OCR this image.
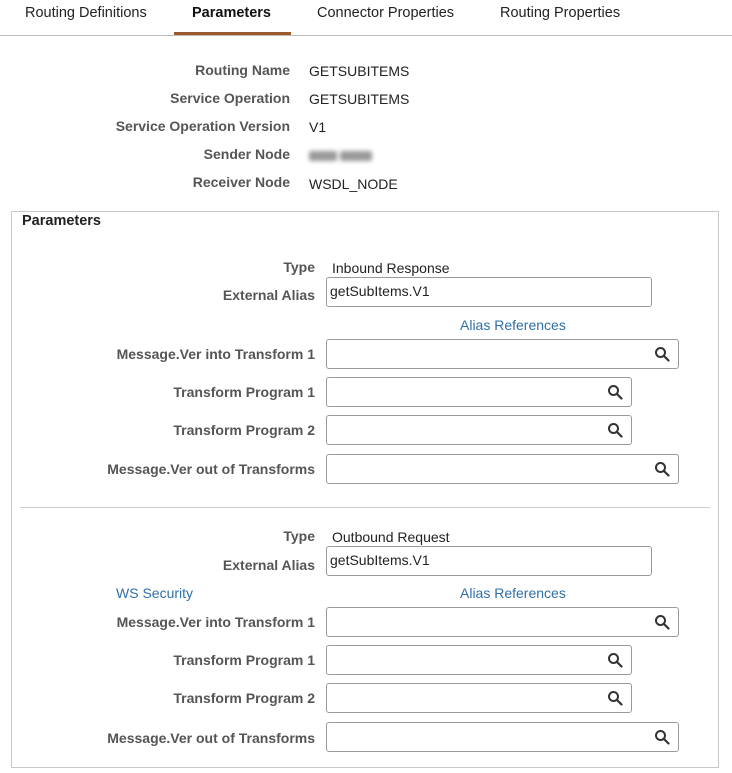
Routing Definitions	Parameters	Connector Properties	Routing Properties
Routing Name GETSUBITEMS
Service Operation GETSUBITEMS
Service Operation Version V1
Sender Node
Receiver Node WSDL_NODE
Parameters
Type Inbound Response
External Alias getSubItems.V1
Alias References
Message.Ver into Transform 1
Transform Program 1
Transform Program 2
Message.Ver out of Transforms
Type Outbound Request
External Alias getSubItems.V1
WS Security	Alias References
Message.Ver into Transform 1
Transform Program 1
Transform Program 2
Message.Ver out of Transforms
